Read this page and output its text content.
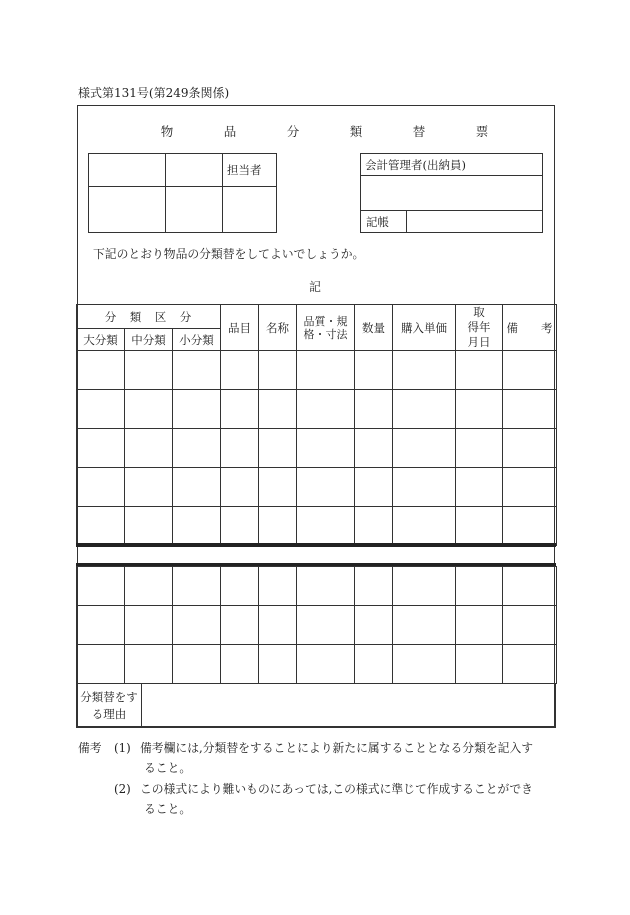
様式第131号(第249条関係)
物　品　分　類　替　票
		担当者
			会計管理者(出納員)

記帳	
下記のとおり物品の分類替をしてよいでしょうか。
記
分　類　区　分			品目	名称	品質・規格・寸法	数量	購入単価	取　得年月日	備　　考
大分類	中分類	小分類							

分類替をする理由	
備考 (1) 備考欄には,分類替をすることにより新たに属することとなる分類を記入すること。
(2) この様式により難いものにあっては,この様式に準じて作成することができること。
